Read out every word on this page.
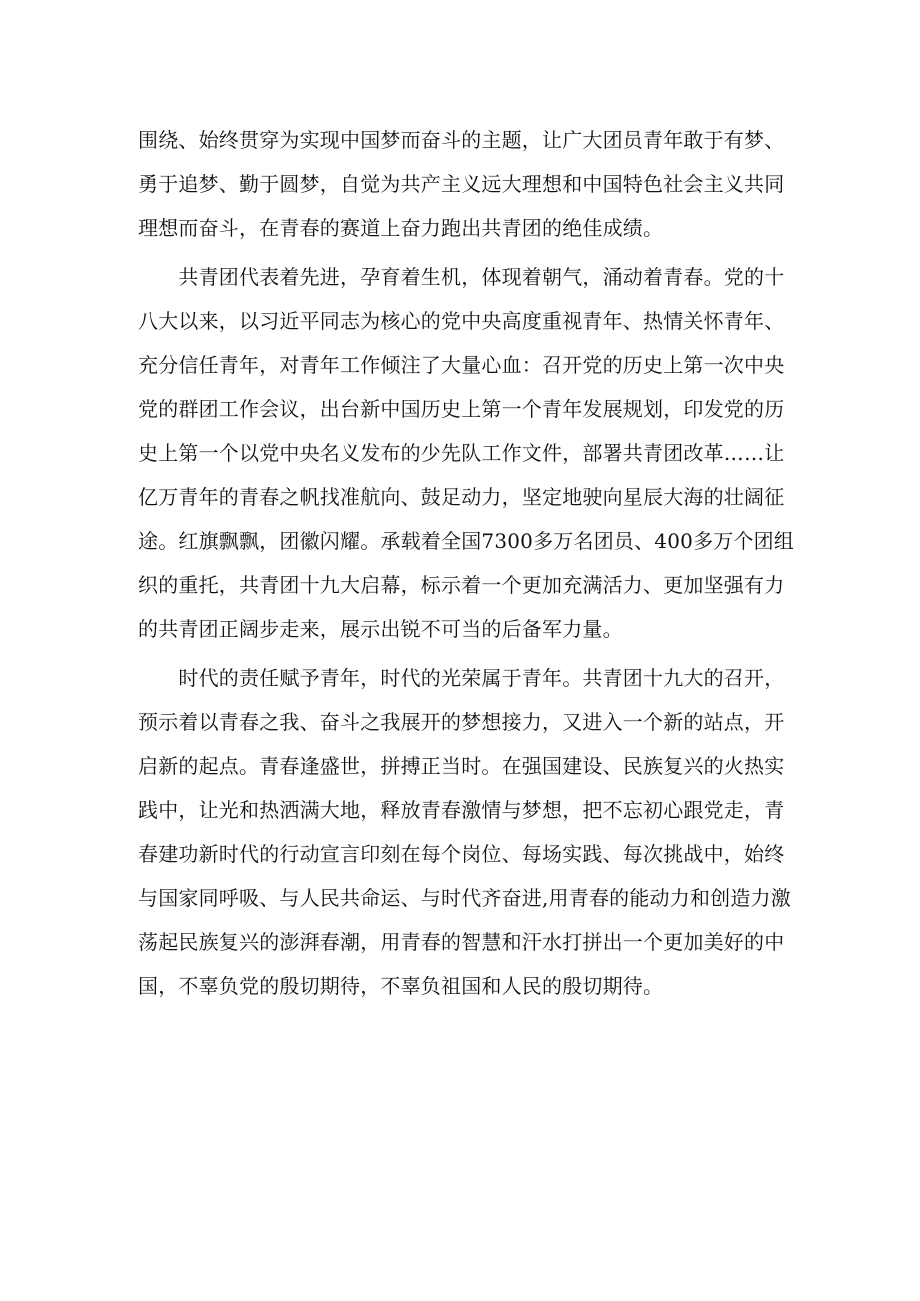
围绕、始终贯穿为实现中国梦而奋斗的主题，让广大团员青年敢于有梦、
勇于追梦、勤于圆梦，自觉为共产主义远大理想和中国特色社会主义共同
理想而奋斗，在青春的赛道上奋力跑出共青团的绝佳成绩。
　　共青团代表着先进，孕育着生机，体现着朝气，涌动着青春。党的十
八大以来，以习近平同志为核心的党中央高度重视青年、热情关怀青年、
充分信任青年，对青年工作倾注了大量心血：召开党的历史上第一次中央
党的群团工作会议，出台新中国历史上第一个青年发展规划，印发党的历
史上第一个以党中央名义发布的少先队工作文件，部署共青团改革……让
亿万青年的青春之帆找准航向、鼓足动力，坚定地驶向星辰大海的壮阔征
途。红旗飘飘，团徽闪耀。承载着全国7300多万名团员、400多万个团组
织的重托，共青团十九大启幕，标示着一个更加充满活力、更加坚强有力
的共青团正阔步走来，展示出锐不可当的后备军力量。
　　时代的责任赋予青年，时代的光荣属于青年。共青团十九大的召开，
预示着以青春之我、奋斗之我展开的梦想接力，又进入一个新的站点，开
启新的起点。青春逢盛世，拼搏正当时。在强国建设、民族复兴的火热实
践中，让光和热洒满大地，释放青春激情与梦想，把不忘初心跟党走，青
春建功新时代的行动宣言印刻在每个岗位、每场实践、每次挑战中，始终
与国家同呼吸、与人民共命运、与时代齐奋进,用青春的能动力和创造力激
荡起民族复兴的澎湃春潮，用青春的智慧和汗水打拼出一个更加美好的中
国，不辜负党的殷切期待，不辜负祖国和人民的殷切期待。
